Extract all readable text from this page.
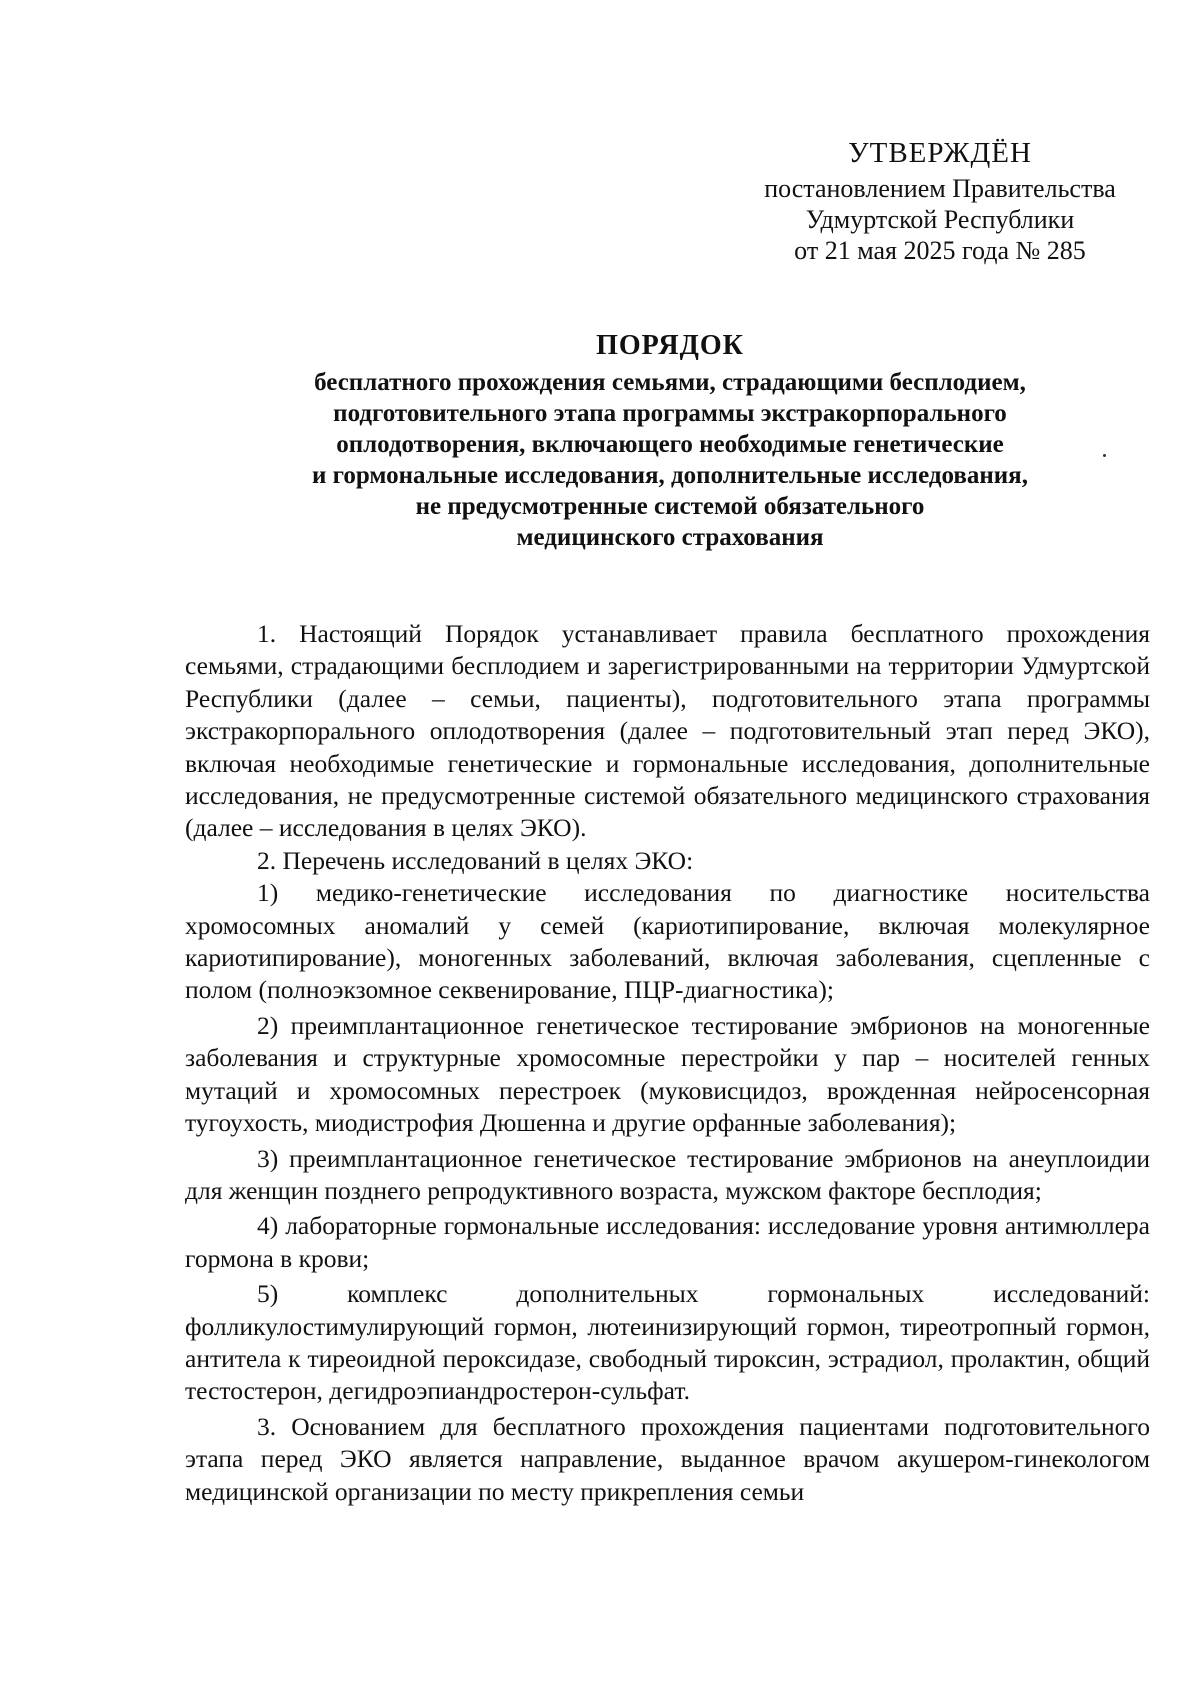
УТВЕРЖДЁН
постановлением Правительства
Удмуртской Республики
от 21 мая 2025 года № 285
ПОРЯДОК
бесплатного прохождения семьями, страдающими бесплодием,
подготовительного этапа программы экстракорпорального
оплодотворения, включающего необходимые генетические
и гормональные исследования, дополнительные исследования,
не предусмотренные системой обязательного
медицинского страхования

1. Настоящий Порядок устанавливает правила бесплатного прохождения семьями, страдающими бесплодием и зарегистрированными на территории Удмуртской Республики (далее – семьи, пациенты), подготовительного этапа программы экстракорпорального оплодотворения (далее – подготовительный этап перед ЭКО), включая необходимые генетические и гормональные исследования, дополнительные исследования, не предусмотренные системой обязательного медицинского страхования (далее – исследования в целях ЭКО).

2. Перечень исследований в целях ЭКО:

1) медико-генетические исследования по диагностике носительства хромосомных аномалий у семей (кариотипирование, включая молекулярное кариотипирование), моногенных заболеваний, включая заболевания, сцепленные с полом (полноэкзомное секвенирование, ПЦР-диагностика);

2) преимплантационное генетическое тестирование эмбрионов на моногенные заболевания и структурные хромосомные перестройки у пар – носителей генных мутаций и хромосомных перестроек (муковисцидоз, врожденная нейросенсорная тугоухость, миодистрофия Дюшенна и другие орфанные заболевания);

3) преимплантационное генетическое тестирование эмбрионов на анеуплоидии для женщин позднего репродуктивного возраста, мужском факторе бесплодия;

4) лабораторные гормональные исследования: исследование уровня антимюллера гормона в крови;

5) комплекс дополнительных гормональных исследований: фолликулостимулирующий гормон, лютеинизирующий гормон, тиреотропный гормон, антитела к тиреоидной пероксидазе, свободный тироксин, эстрадиол, пролактин, общий тестостерон, дегидроэпиандростерон-сульфат.

3. Основанием для бесплатного прохождения пациентами подготовительного этапа перед ЭКО является направление, выданное врачом акушером-гинекологом медицинской организации по месту прикрепления семьи
